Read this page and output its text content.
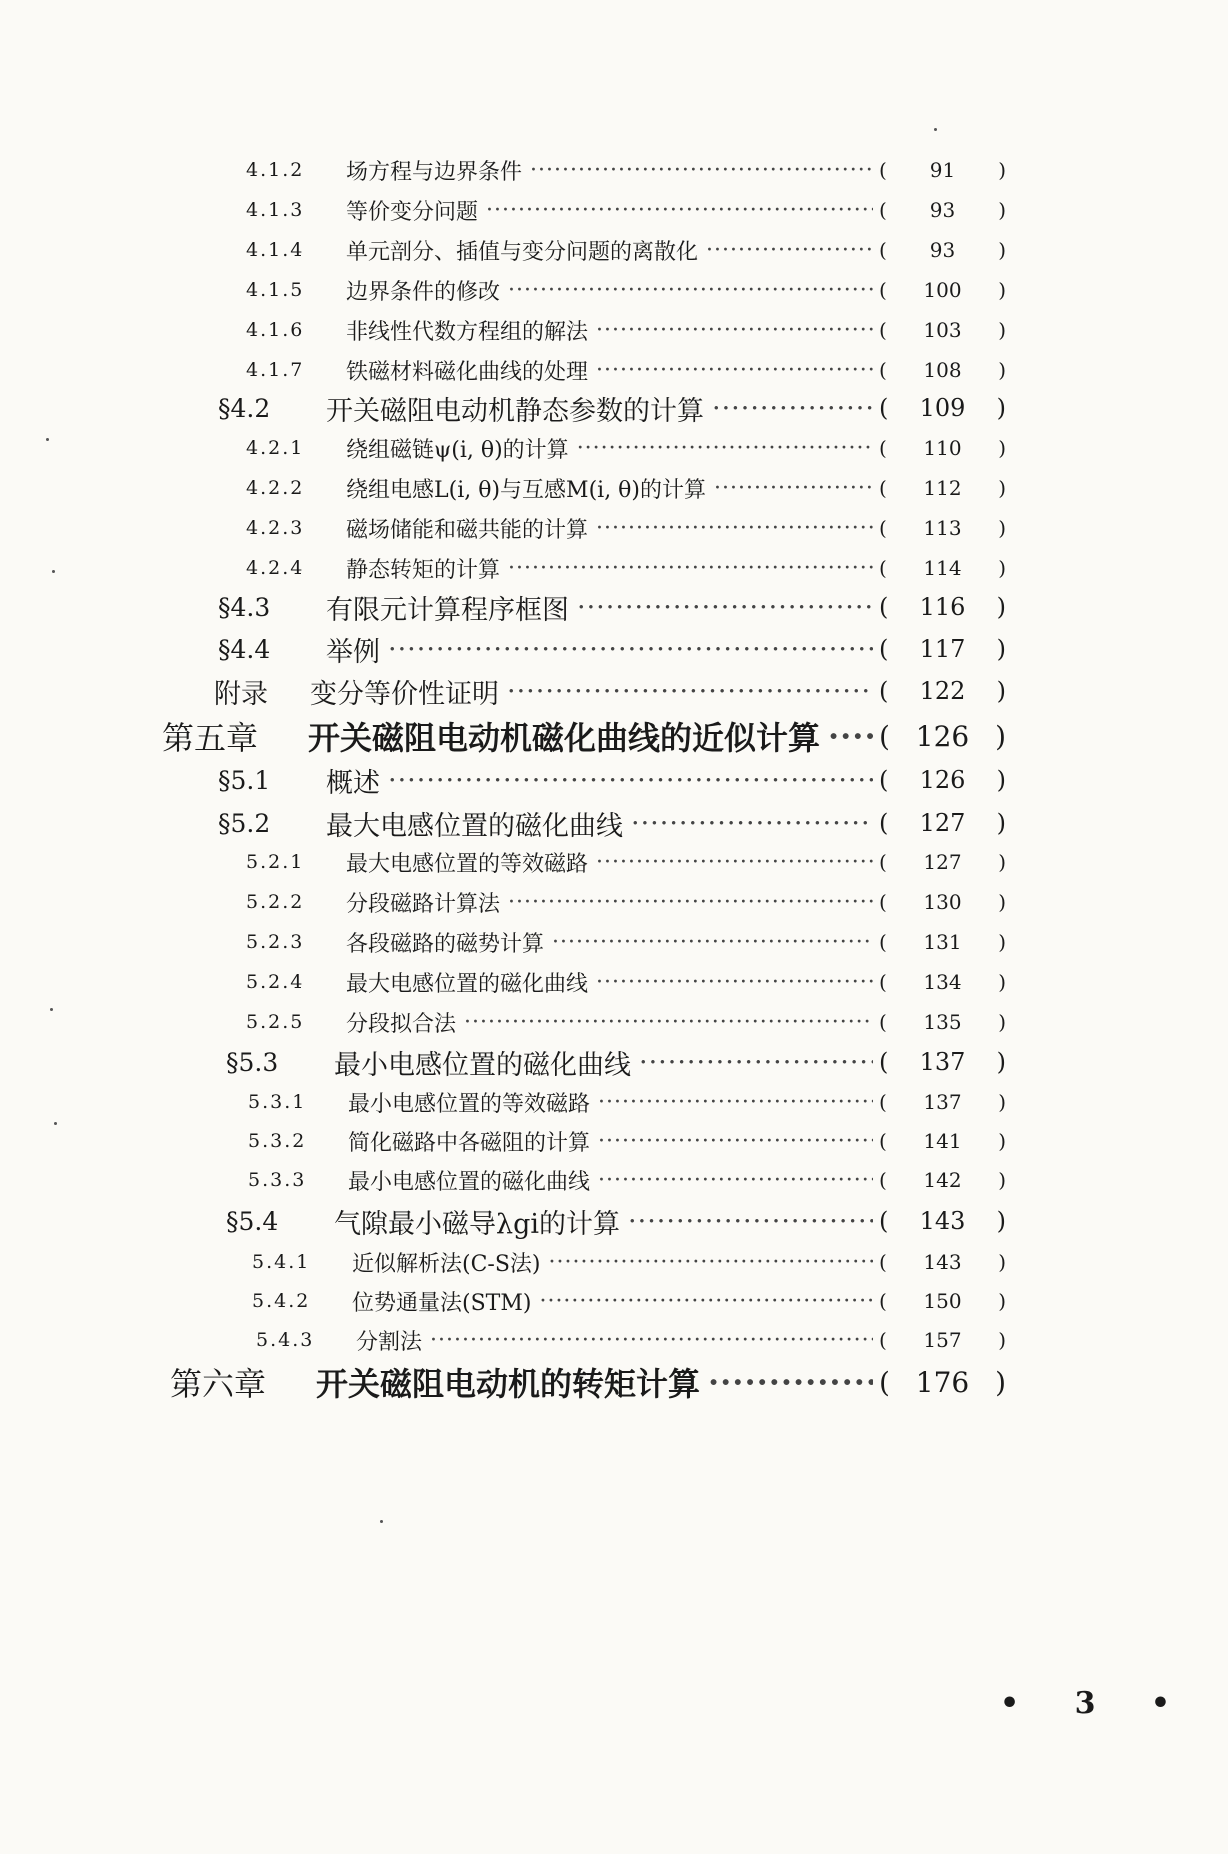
4.1.2	场方程与边界条件 ·····	(	91	)
4.1.3	等价变分问题 ·····	(	93	)
4.1.4	单元剖分、插值与变分问题的离散化 ·····	(	93	)
4.1.5	边界条件的修改 ·····	(	100	)
4.1.6	非线性代数方程组的解法 ·····	(	103	)
4.1.7	铁磁材料磁化曲线的处理 ·····	(	108	)
§4.2	开关磁阻电动机静态参数的计算 ·····	(	109	)
4.2.1	绕组磁链ψ(i, θ)的计算 ·····	(	110	)
4.2.2	绕组电感L(i, θ)与互感M(i, θ)的计算 ·····	(	112	)
4.2.3	磁场储能和磁共能的计算 ·····	(	113	)
4.2.4	静态转矩的计算 ·····	(	114	)
§4.3	有限元计算程序框图 ·····	(	116	)
§4.4	举例 ·····	(	117	)
附录	变分等价性证明 ·····	(	122	)
第五章	开关磁阻电动机磁化曲线的近似计算 ····· ( 126 )
§5.1	概述 ·····	(	126	)
§5.2	最大电感位置的磁化曲线 ·····	(	127	)
5.2.1	最大电感位置的等效磁路 ·····	(	127	)
5.2.2	分段磁路计算法 ·····	(	130	)
5.2.3	各段磁路的磁势计算 ·····	(	131	)
5.2.4	最大电感位置的磁化曲线 ·····	(	134	)
5.2.5	分段拟合法 ·····	(	135	)
§5.3	最小电感位置的磁化曲线 ·····	(	137	)
5.3.1	最小电感位置的等效磁路 ·····	(	137	)
5.3.2	简化磁路中各磁阻的计算 ·····	(	141	)
5.3.3	最小电感位置的磁化曲线 ·····	(	142	)
§5.4	气隙最小磁导λgi的计算 ·····	(	143	)
5.4.1	近似解析法(C-S法) ·····	(	143	)
5.4.2	位势通量法(STM) ·····	(	150	)
5.4.3	分割法 ·····	(	157	)
第六章	开关磁阻电动机的转矩计算 ·····	( 176 )
• 3 •
